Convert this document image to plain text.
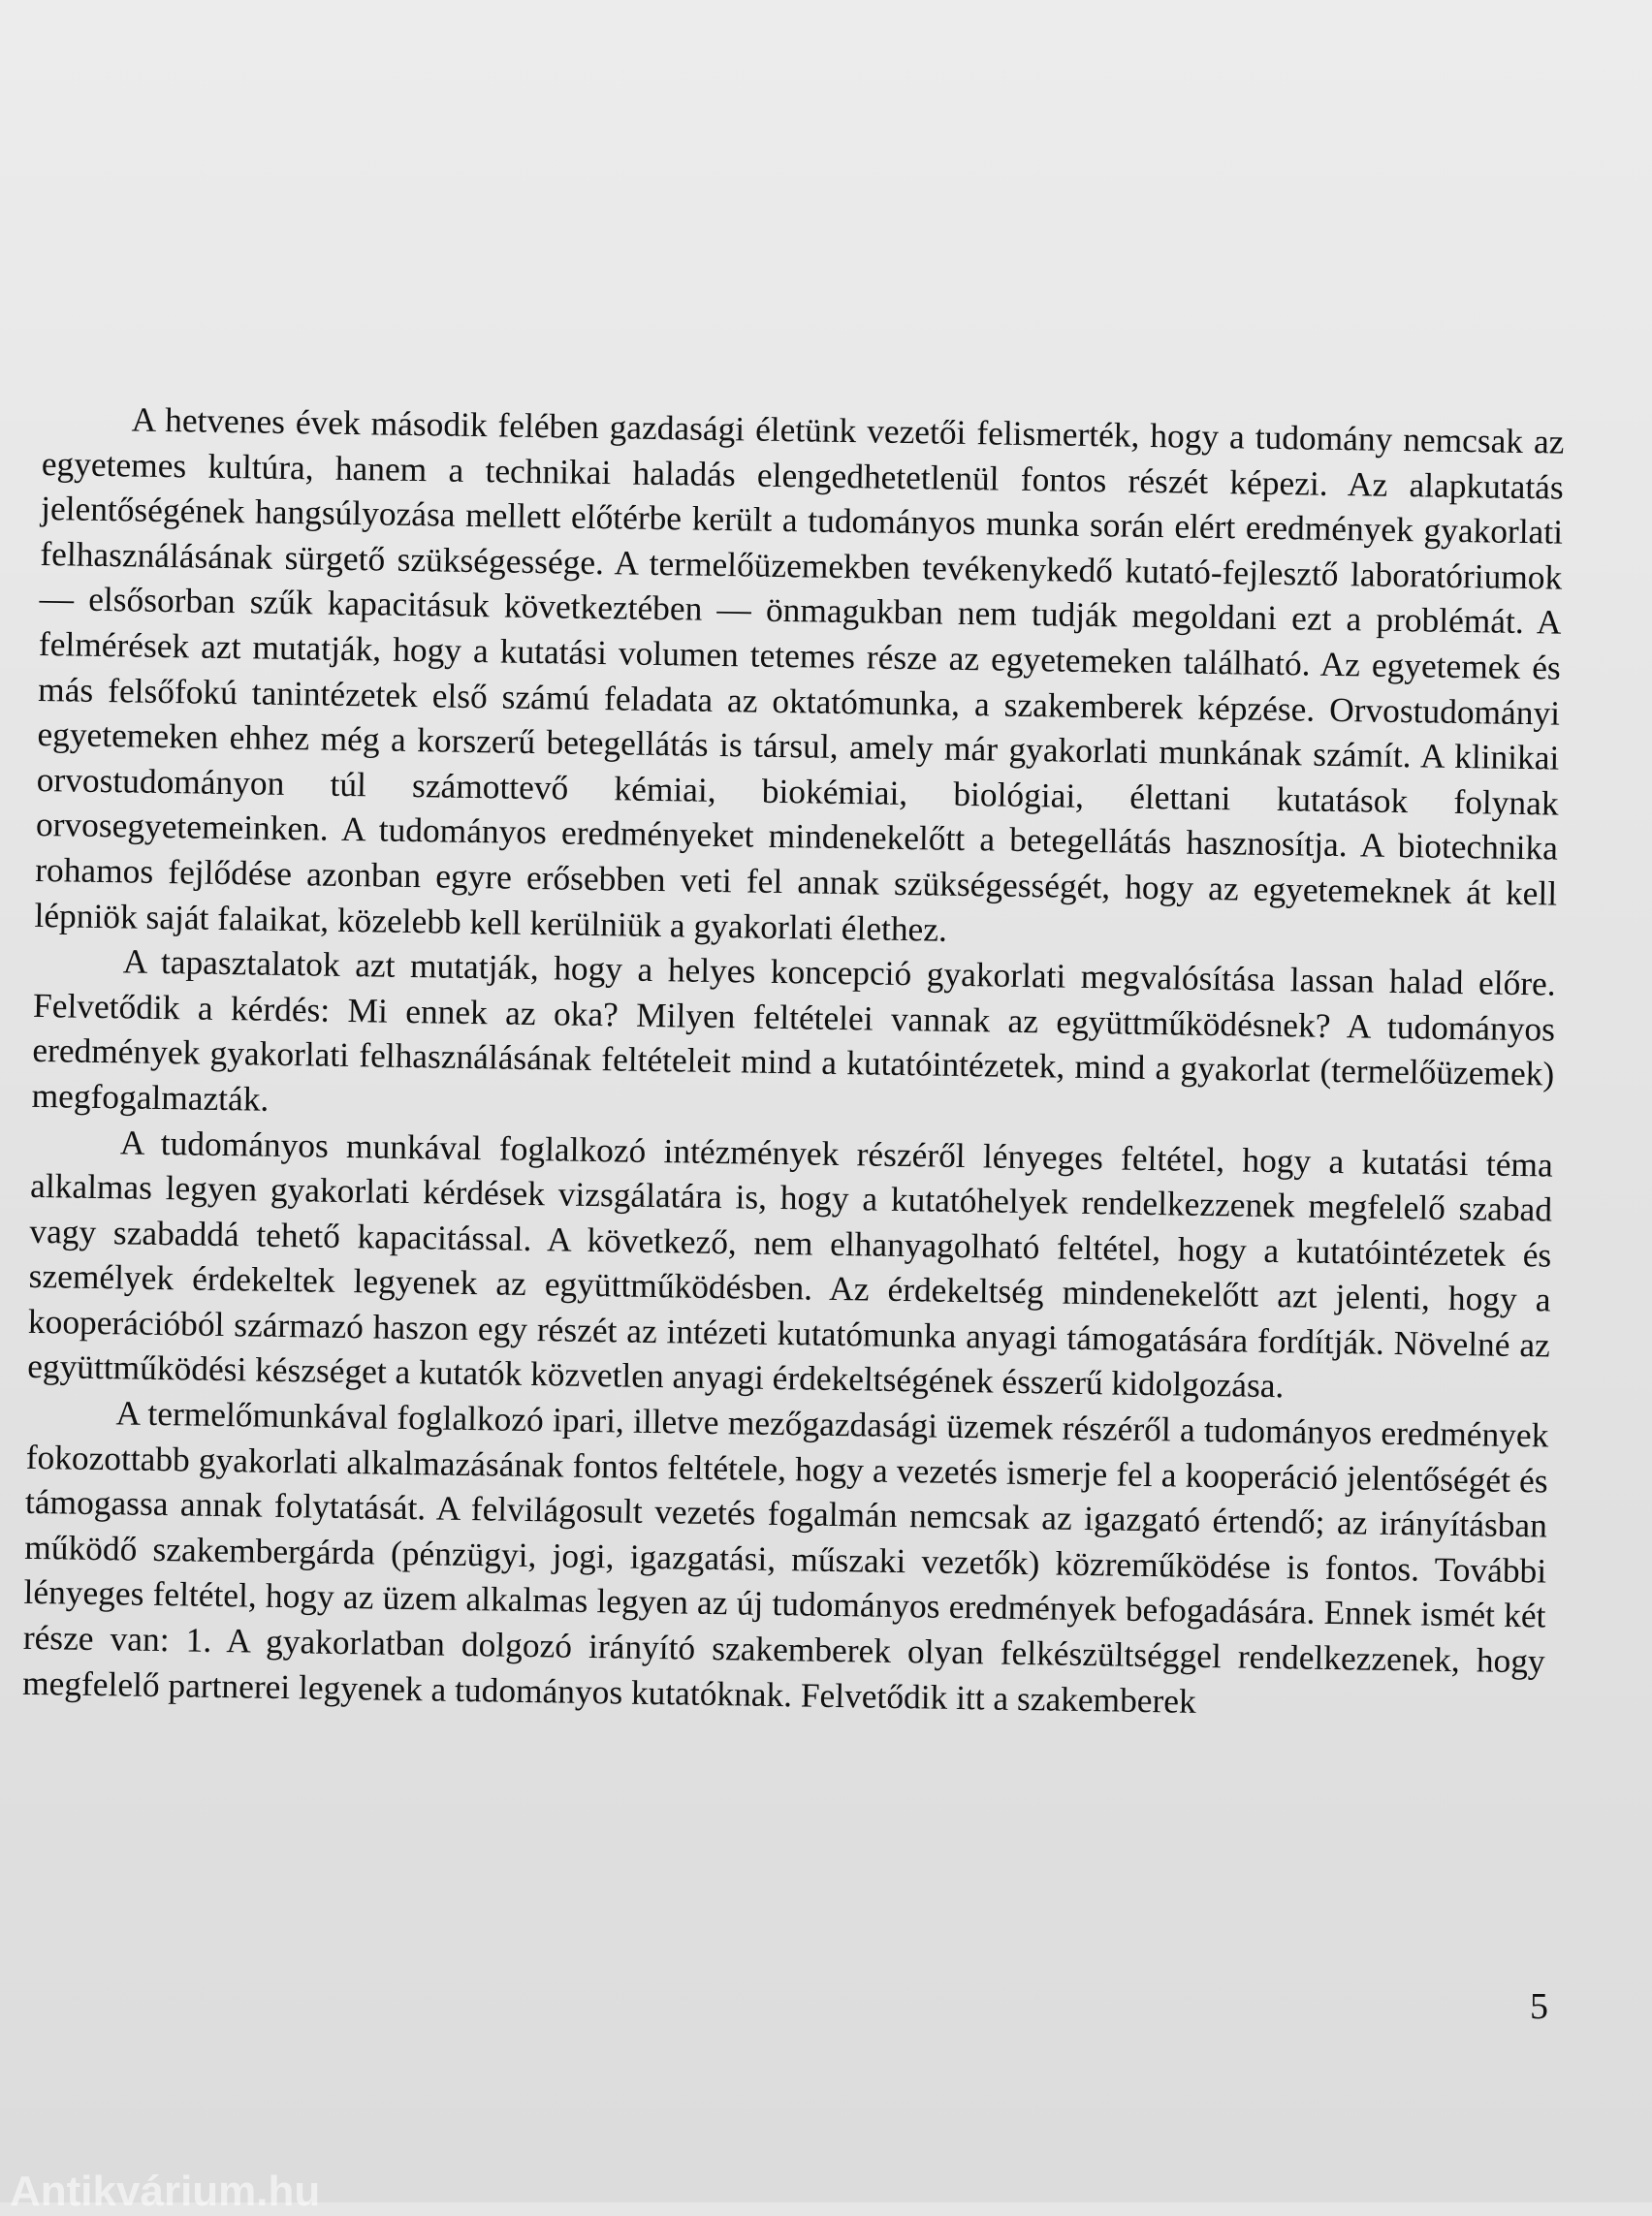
A hetvenes évek második felében gazdasági életünk vezetői felismerték, hogy a tudomány nemcsak az egyetemes kultúra, hanem a technikai haladás elengedhetetlenül fontos részét képezi. Az alapkutatás jelentőségének hangsúlyozása mellett előtérbe került a tudományos munka során elért eredmények gyakorlati felhasználásának sürgető szükségessége. A termelőüzemekben tevékenykedő kutató-fejlesztő laboratóriumok — elsősorban szűk kapacitásuk következtében — önmagukban nem tudják megoldani ezt a problémát. A felmérések azt mutatják, hogy a kutatási volumen tetemes része az egyetemeken található. Az egyetemek és más felsőfokú tanintézetek első számú feladata az oktatómunka, a szakemberek képzése. Orvostudományi egyetemeken ehhez még a korszerű betegellátás is társul, amely már gyakorlati munkának számít. A klinikai orvostudományon túl számottevő kémiai, biokémiai, biológiai, élettani kutatások folynak orvosegyetemeinken. A tudományos eredményeket mindenekelőtt a betegellátás hasznosítja. A biotechnika rohamos fejlődése azonban egyre erősebben veti fel annak szükségességét, hogy az egyetemeknek át kell lépniök saját falaikat, közelebb kell kerülniük a gyakorlati élethez.

A tapasztalatok azt mutatják, hogy a helyes koncepció gyakorlati megvalósítása lassan halad előre. Felvetődik a kérdés: Mi ennek az oka? Milyen feltételei vannak az együttműködésnek? A tudományos eredmények gyakorlati felhasználásának feltételeit mind a kutatóintézetek, mind a gyakorlat (termelőüzemek) megfogalmazták.

A tudományos munkával foglalkozó intézmények részéről lényeges feltétel, hogy a kutatási téma alkalmas legyen gyakorlati kérdések vizsgálatára is, hogy a kutatóhelyek rendelkezzenek megfelelő szabad vagy szabaddá tehető kapacitással. A következő, nem elhanyagolható feltétel, hogy a kutatóintézetek és személyek érdekeltek legyenek az együttműködésben. Az érdekeltség mindenekelőtt azt jelenti, hogy a kooperációból származó haszon egy részét az intézeti kutatómunka anyagi támogatására fordítják. Növelné az együttműködési készséget a kutatók közvetlen anyagi érdekeltségének ésszerű kidolgozása.

A termelőmunkával foglalkozó ipari, illetve mezőgazdasági üzemek részéről a tudományos eredmények fokozottabb gyakorlati alkalmazásának fontos feltétele, hogy a vezetés ismerje fel a kooperáció jelentőségét és támogassa annak folytatását. A felvilágosult vezetés fogalmán nemcsak az igazgató értendő; az irányításban működő szakembergárda (pénzügyi, jogi, igazgatási, műszaki vezetők) közreműködése is fontos. További lényeges feltétel, hogy az üzem alkalmas legyen az új tudományos eredmények befogadására. Ennek ismét két része van: 1. A gyakorlatban dolgozó irányító szakemberek olyan felkészültséggel rendelkezzenek, hogy megfelelő partnerei legyenek a tudományos kutatóknak. Felvetődik itt a szakemberek

5
Antikvárium.hu
